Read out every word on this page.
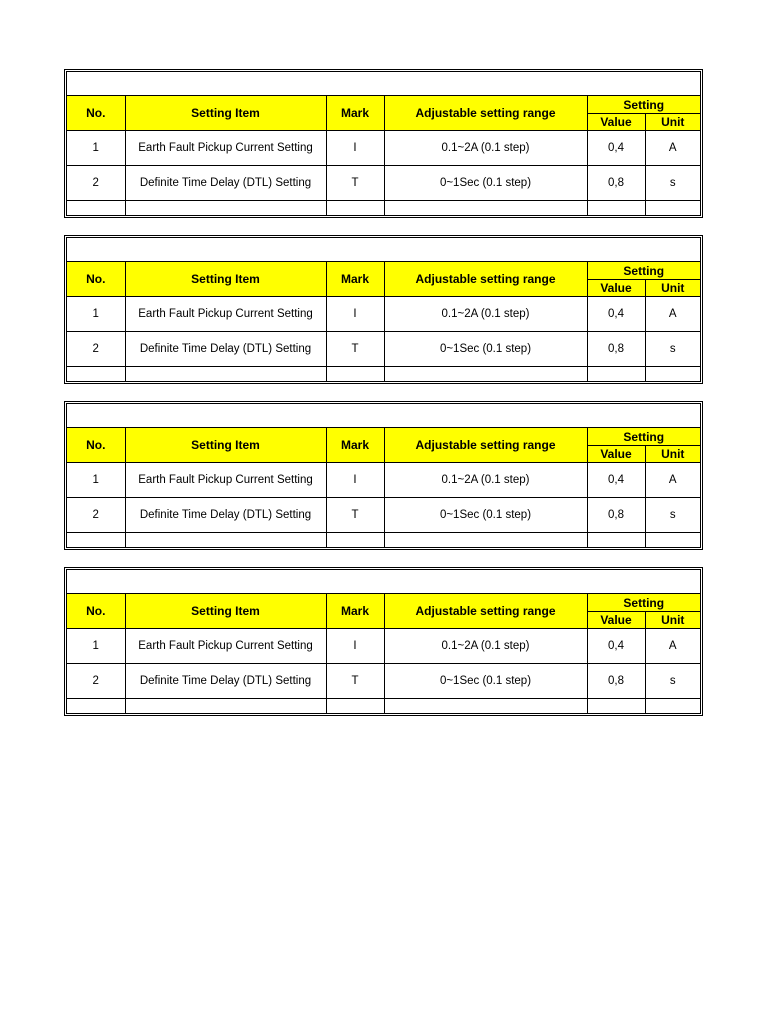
No.	Setting Item	Mark	Adjustable setting range	Setting	
				Value	Unit
1	Earth Fault Pickup Current Setting	I	0.1~2A (0.1 step)	0,4	A
2	Definite Time Delay (DTL) Setting	T	0~1Sec (0.1 step)	0,8	s

No.	Setting Item	Mark	Adjustable setting range	Setting	
				Value	Unit
1	Earth Fault Pickup Current Setting	I	0.1~2A (0.1 step)	0,4	A
2	Definite Time Delay (DTL) Setting	T	0~1Sec (0.1 step)	0,8	s

No.	Setting Item	Mark	Adjustable setting range	Setting	
				Value	Unit
1	Earth Fault Pickup Current Setting	I	0.1~2A (0.1 step)	0,4	A
2	Definite Time Delay (DTL) Setting	T	0~1Sec (0.1 step)	0,8	s

No.	Setting Item	Mark	Adjustable setting range	Setting	
				Value	Unit
1	Earth Fault Pickup Current Setting	I	0.1~2A (0.1 step)	0,4	A
2	Definite Time Delay (DTL) Setting	T	0~1Sec (0.1 step)	0,8	s
